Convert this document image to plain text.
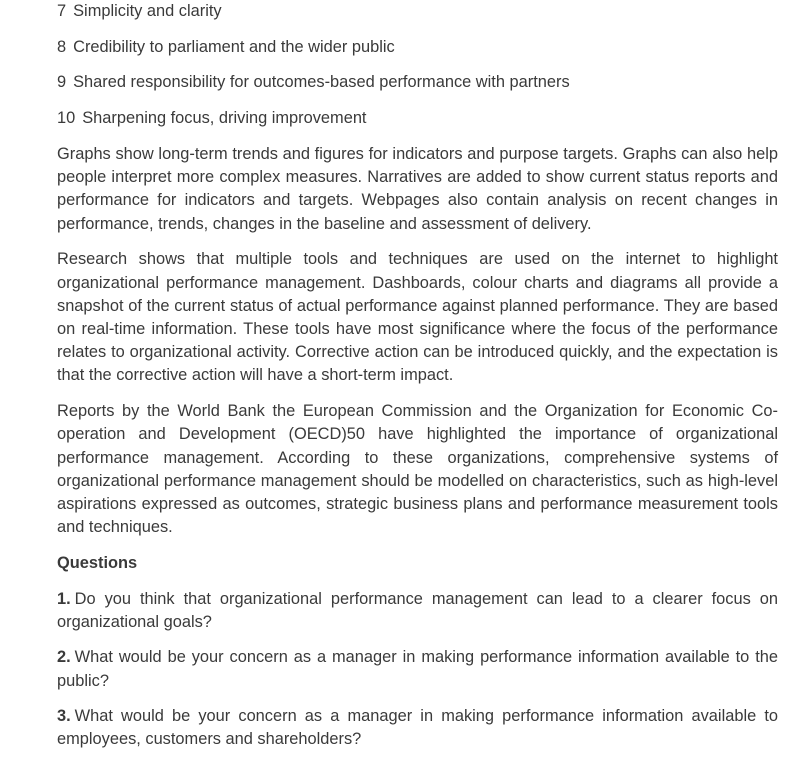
7 Simplicity and clarity
8 Credibility to parliament and the wider public
9 Shared responsibility for outcomes-based performance with partners
10 Sharpening focus, driving improvement

Graphs show long-term trends and figures for indicators and purpose targets. Graphs can also help people interpret more complex measures. Narratives are added to show current status reports and performance for indicators and targets. Webpages also contain analysis on recent changes in performance, trends, changes in the baseline and assessment of delivery.

Research shows that multiple tools and techniques are used on the internet to highlight organizational performance management. Dashboards, colour charts and diagrams all provide a snapshot of the current status of actual performance against planned performance. They are based on real-time information. These tools have most significance where the focus of the performance relates to organizational activity. Corrective action can be introduced quickly, and the expectation is that the corrective action will have a short-term impact.

Reports by the World Bank the European Commission and the Organization for Economic Co-operation and Development (OECD)50 have highlighted the importance of organizational performance management. According to these organizations, comprehensive systems of organizational performance management should be modelled on characteristics, such as high-level aspirations expressed as outcomes, strategic business plans and performance measurement tools and techniques.

Questions

1. Do you think that organizational performance management can lead to a clearer focus on organizational goals?

2. What would be your concern as a manager in making performance information available to the public?

3. What would be your concern as a manager in making performance information available to employees, customers and shareholders?
